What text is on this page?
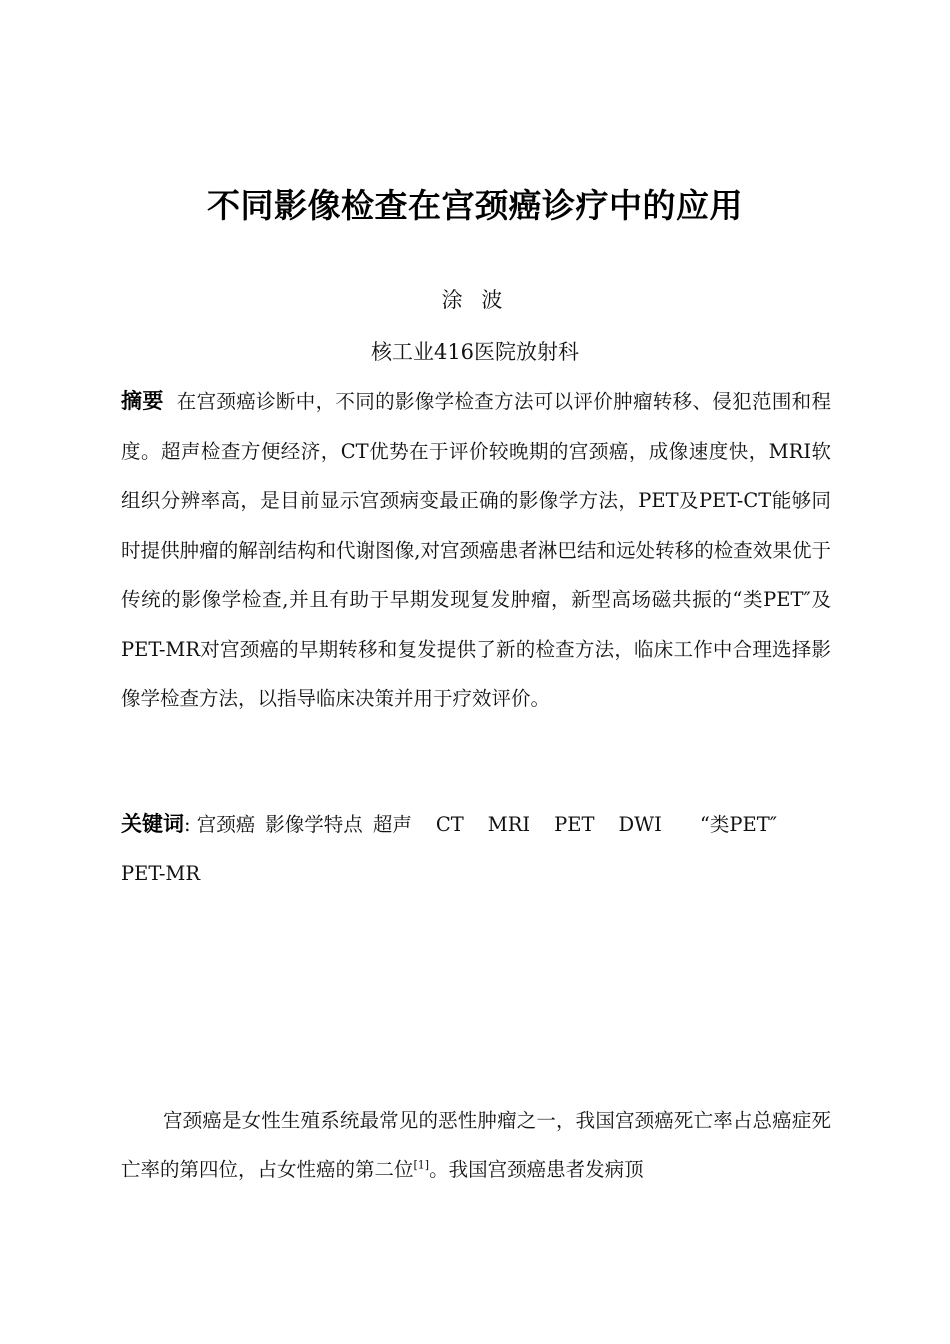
不同影像检查在宫颈癌诊疗中的应用
涂 波
核工业416医院放射科

摘要 在宫颈癌诊断中，不同的影像学检查方法可以评价肿瘤转移、侵犯范围和程度。超声检查方便经济，CT优势在于评价较晚期的宫颈癌，成像速度快，MRI软组织分辨率高，是目前显示宫颈病变最正确的影像学方法，PET及PET-CT能够同时提供肿瘤的解剖结构和代谢图像,对宫颈癌患者淋巴结和远处转移的检查效果优于传统的影像学检查,并且有助于早期发现复发肿瘤，新型高场磁共振的“类PET″及PET-MR对宫颈癌的早期转移和复发提供了新的检查方法，临床工作中合理选择影像学检查方法，以指导临床决策并用于疗效评价。

关键词: 宫颈癌 影像学特点 超声 CT MRI PET DWI “类PET″
PET-MR

宫颈癌是女性生殖系统最常见的恶性肿瘤之一，我国宫颈癌死亡率占总癌症死亡率的第四位，占女性癌的第二位[1]。我国宫颈癌患者发病顶
